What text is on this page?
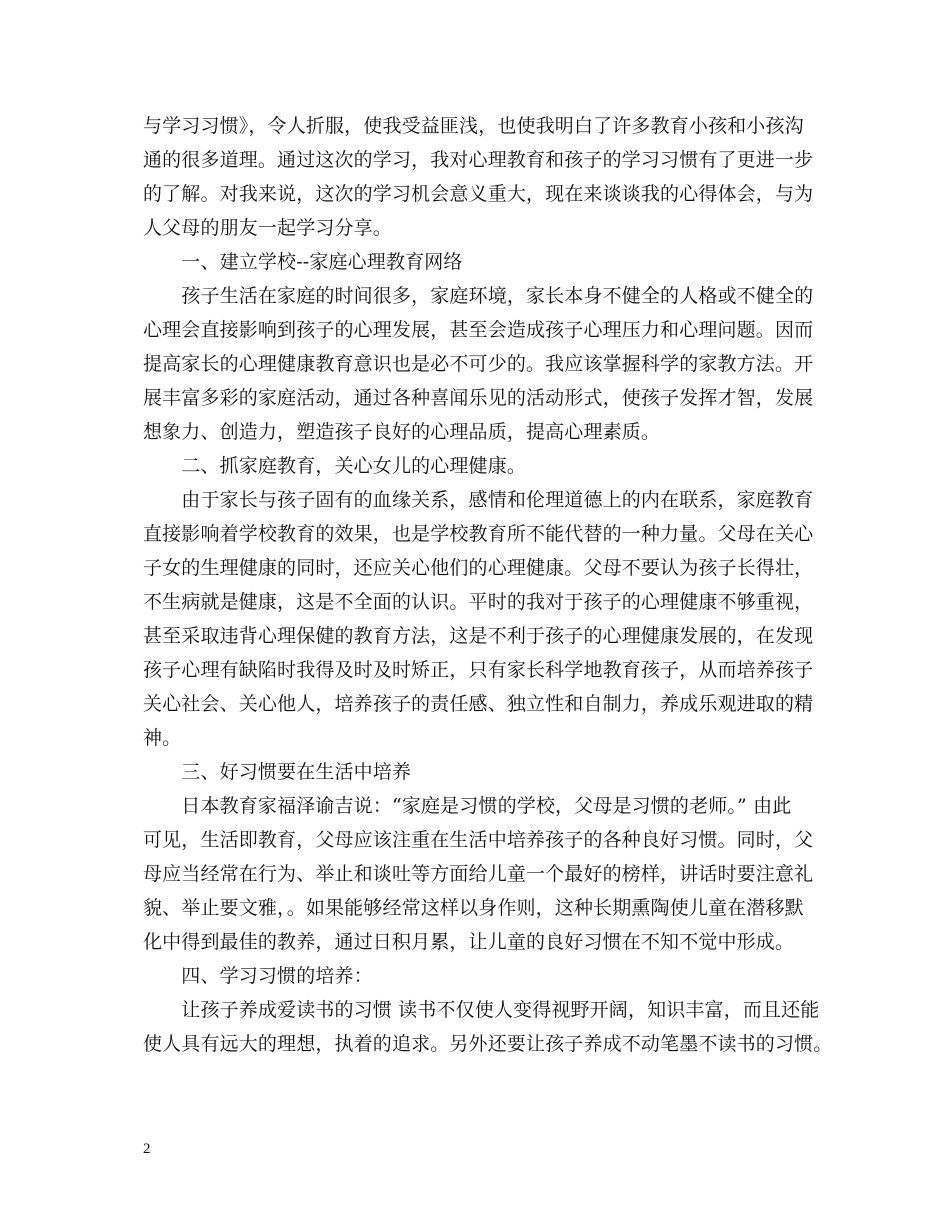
与学习习惯》，令人折服，使我受益匪浅，也使我明白了许多教育小孩和小孩沟
通的很多道理。通过这次的学习，我对心理教育和孩子的学习习惯有了更进一步
的了解。对我来说，这次的学习机会意义重大，现在来谈谈我的心得体会，与为
人父母的朋友一起学习分享。
　　一、建立学校--家庭心理教育网络
　　孩子生活在家庭的时间很多，家庭环境，家长本身不健全的人格或不健全的
心理会直接影响到孩子的心理发展，甚至会造成孩子心理压力和心理问题。因而
提高家长的心理健康教育意识也是必不可少的。我应该掌握科学的家教方法。开
展丰富多彩的家庭活动，通过各种喜闻乐见的活动形式，使孩子发挥才智，发展
想象力、创造力，塑造孩子良好的心理品质，提高心理素质。
　　二、抓家庭教育，关心女儿的心理健康。
　　由于家长与孩子固有的血缘关系，感情和伦理道德上的内在联系，家庭教育
直接影响着学校教育的效果，也是学校教育所不能代替的一种力量。父母在关心
子女的生理健康的同时，还应关心他们的心理健康。父母不要认为孩子长得壮，
不生病就是健康，这是不全面的认识。平时的我对于孩子的心理健康不够重视，
甚至采取违背心理保健的教育方法，这是不利于孩子的心理健康发展的，在发现
孩子心理有缺陷时我得及时及时矫正，只有家长科学地教育孩子，从而培养孩子
关心社会、关心他人，培养孩子的责任感、独立性和自制力，养成乐观进取的精
神。
　　三、好习惯要在生活中培养
　　日本教育家福泽谕吉说：“家庭是习惯的学校，父母是习惯的老师。” 由此
可见，生活即教育，父母应该注重在生活中培养孩子的各种良好习惯。同时，父
母应当经常在行为、举止和谈吐等方面给儿童一个最好的榜样，讲话时要注意礼
貌、举止要文雅，。如果能够经常这样以身作则，这种长期熏陶使儿童在潜移默
化中得到最佳的教养，通过日积月累，让儿童的良好习惯在不知不觉中形成。
　　四、学习习惯的培养：
　　让孩子养成爱读书的习惯 读书不仅使人变得视野开阔，知识丰富，而且还能
使人具有远大的理想，执着的追求。另外还要让孩子养成不动笔墨不读书的习惯。
2
